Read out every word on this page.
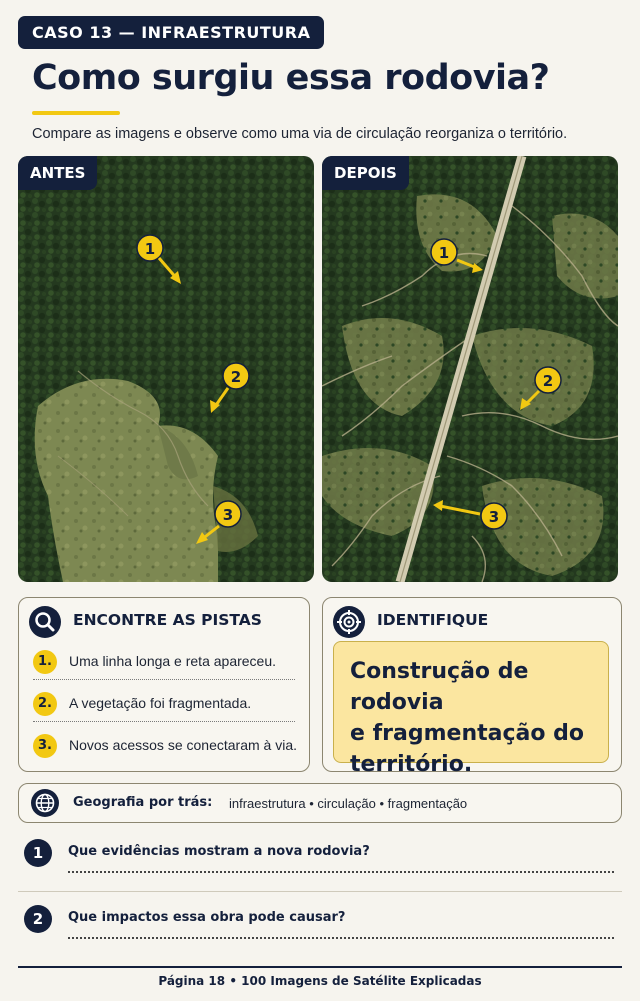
CASO 13 — INFRAESTRUTURA
Como surgiu essa rodovia?
Compare as imagens e observe como uma via de circulação reorganiza o território.
1
2
3
ANTES
1
2
3
DEPOIS
ENCONTRE AS PISTAS
1.	Uma linha longa e reta apareceu.
2.	A vegetação foi fragmentada.
3.	Novos acessos se conectaram à via.
IDENTIFIQUE
Construção de rodovia
e fragmentação do
território.
Geografia por trás: infraestrutura • circulação • fragmentação
1	Que evidências mostram a nova rodovia?
2	Que impactos essa obra pode causar?
Página 18 • 100 Imagens de Satélite Explicadas
